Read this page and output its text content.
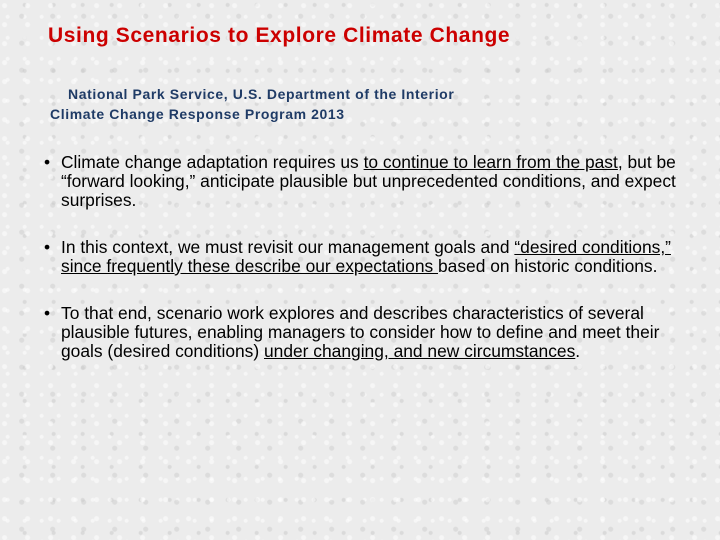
Using Scenarios to Explore Climate Change
National Park Service, U.S. Department of the Interior
Climate Change Response Program 2013
• Climate change adaptation requires us to continue to learn from the past, but be “forward looking,” anticipate plausible but unprecedented conditions, and expect surprises.
• In this context, we must revisit our management goals and “desired conditions,” since frequently these describe our expectations based on historic conditions.
• To that end, scenario work explores and describes characteristics of several plausible futures, enabling managers to consider how to define and meet their goals (desired conditions) under changing, and new circumstances.
